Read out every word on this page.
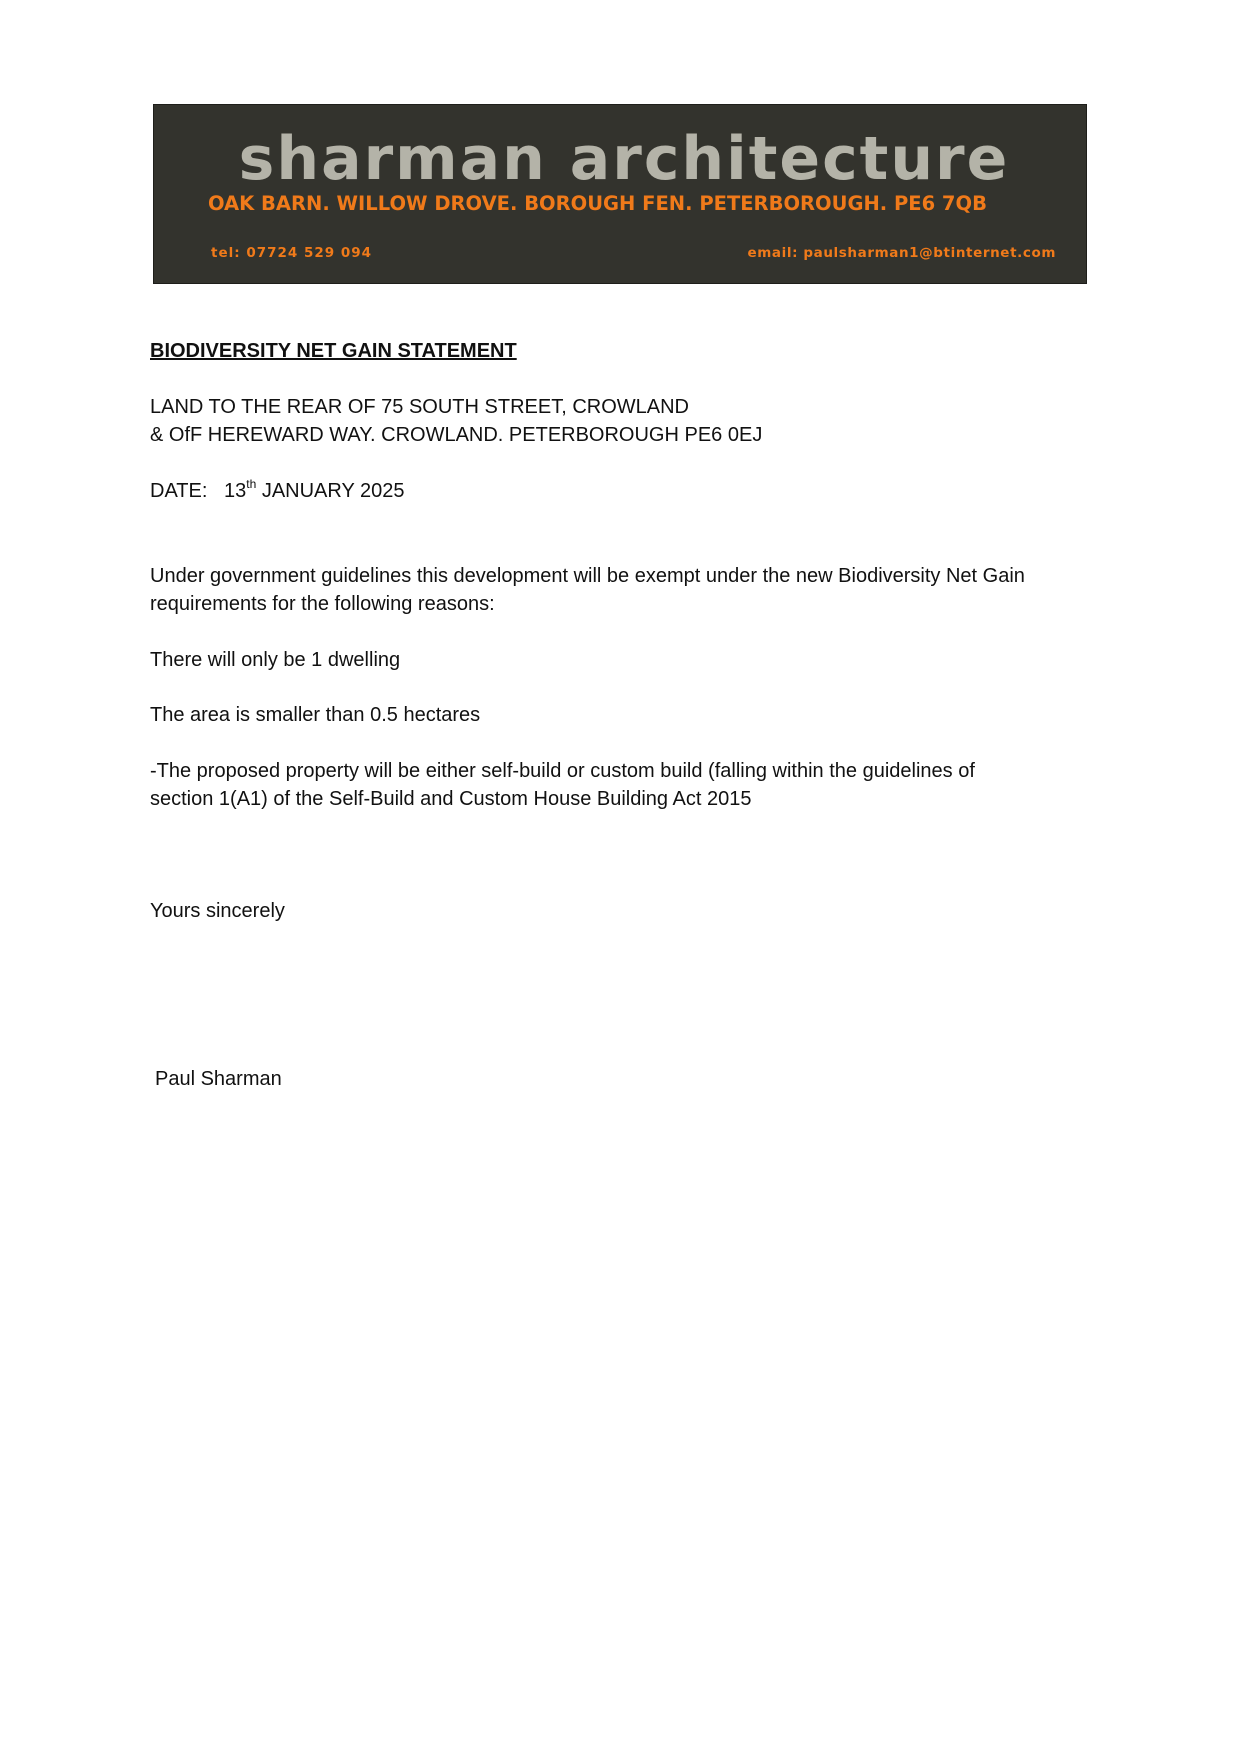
sharman architecture
OAK BARN. WILLOW DROVE. BOROUGH FEN. PETERBOROUGH. PE6 7QB
tel: 07724 529 094	email: paulsharman1@btinternet.com
BIODIVERSITY NET GAIN STATEMENT
LAND TO THE REAR OF 75 SOUTH STREET, CROWLAND
& OfF HEREWARD WAY. CROWLAND. PETERBOROUGH PE6 0EJ
DATE: 13th JANUARY 2025
Under government guidelines this development will be exempt under the new Biodiversity Net Gain
requirements for the following reasons:
There will only be 1 dwelling
The area is smaller than 0.5 hectares
-The proposed property will be either self-build or custom build (falling within the guidelines of
section 1(A1) of the Self-Build and Custom House Building Act 2015
Yours sincerely
Paul Sharman
